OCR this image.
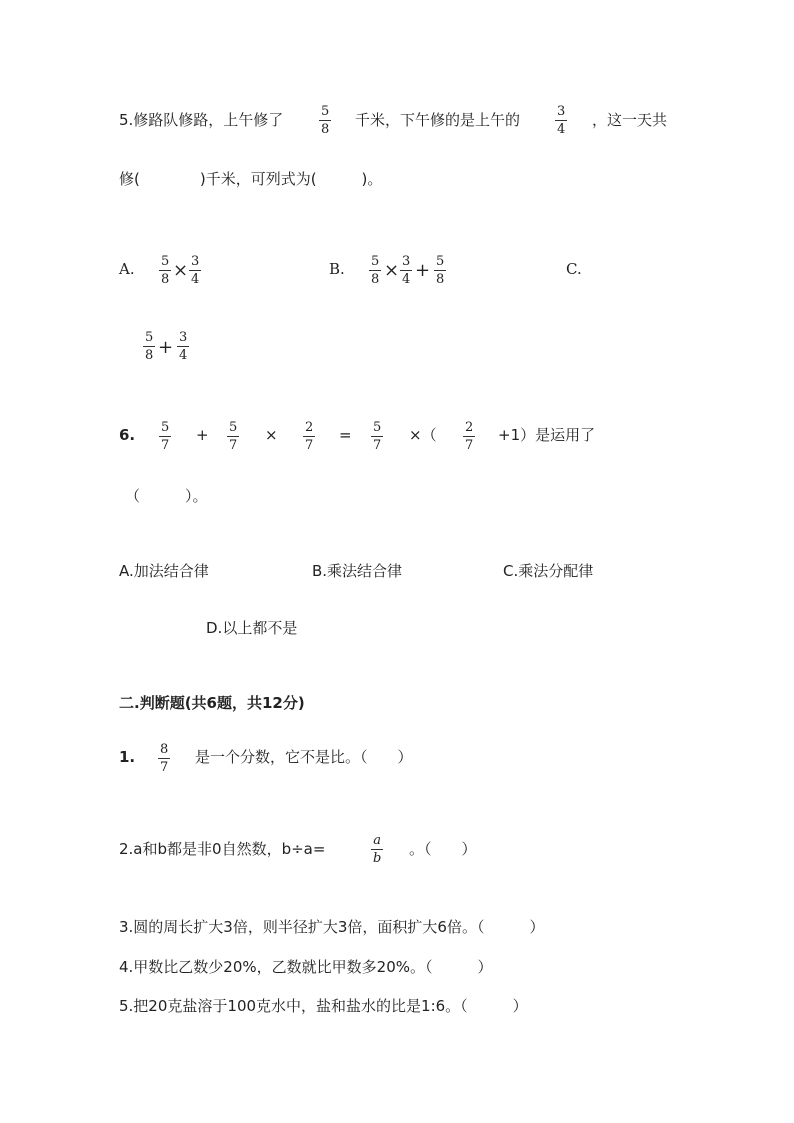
5.修路队修路，上午修了	5
8
千米，下午修的是上午的	3
4
，这一天共
修(　　　　)千米，可列式为(　　　)。
A. 5
8 × 3
4
B. 5
8 × 3
4 + 5
8
C.
5
8 + 3
4
6. 5
7
+ 5
7
× 2
7
= 5
7
×（ 2
7
+1）是运用了
（　　　）。
A.加法结合律	B.乘法结合律	C.乘法分配律
D.以上都不是
二.判断题(共6题，共12分)
1. 8
7
是一个分数，它不是比。（　　）
2.a和b都是非0自然数，b÷a=	a
b
。（　　）
3.圆的周长扩大3倍，则半径扩大3倍，面积扩大6倍。（　　　）
4.甲数比乙数少20%，乙数就比甲数多20%。（　　　）
5.把20克盐溶于100克水中，盐和盐水的比是1:6。（　　　）
